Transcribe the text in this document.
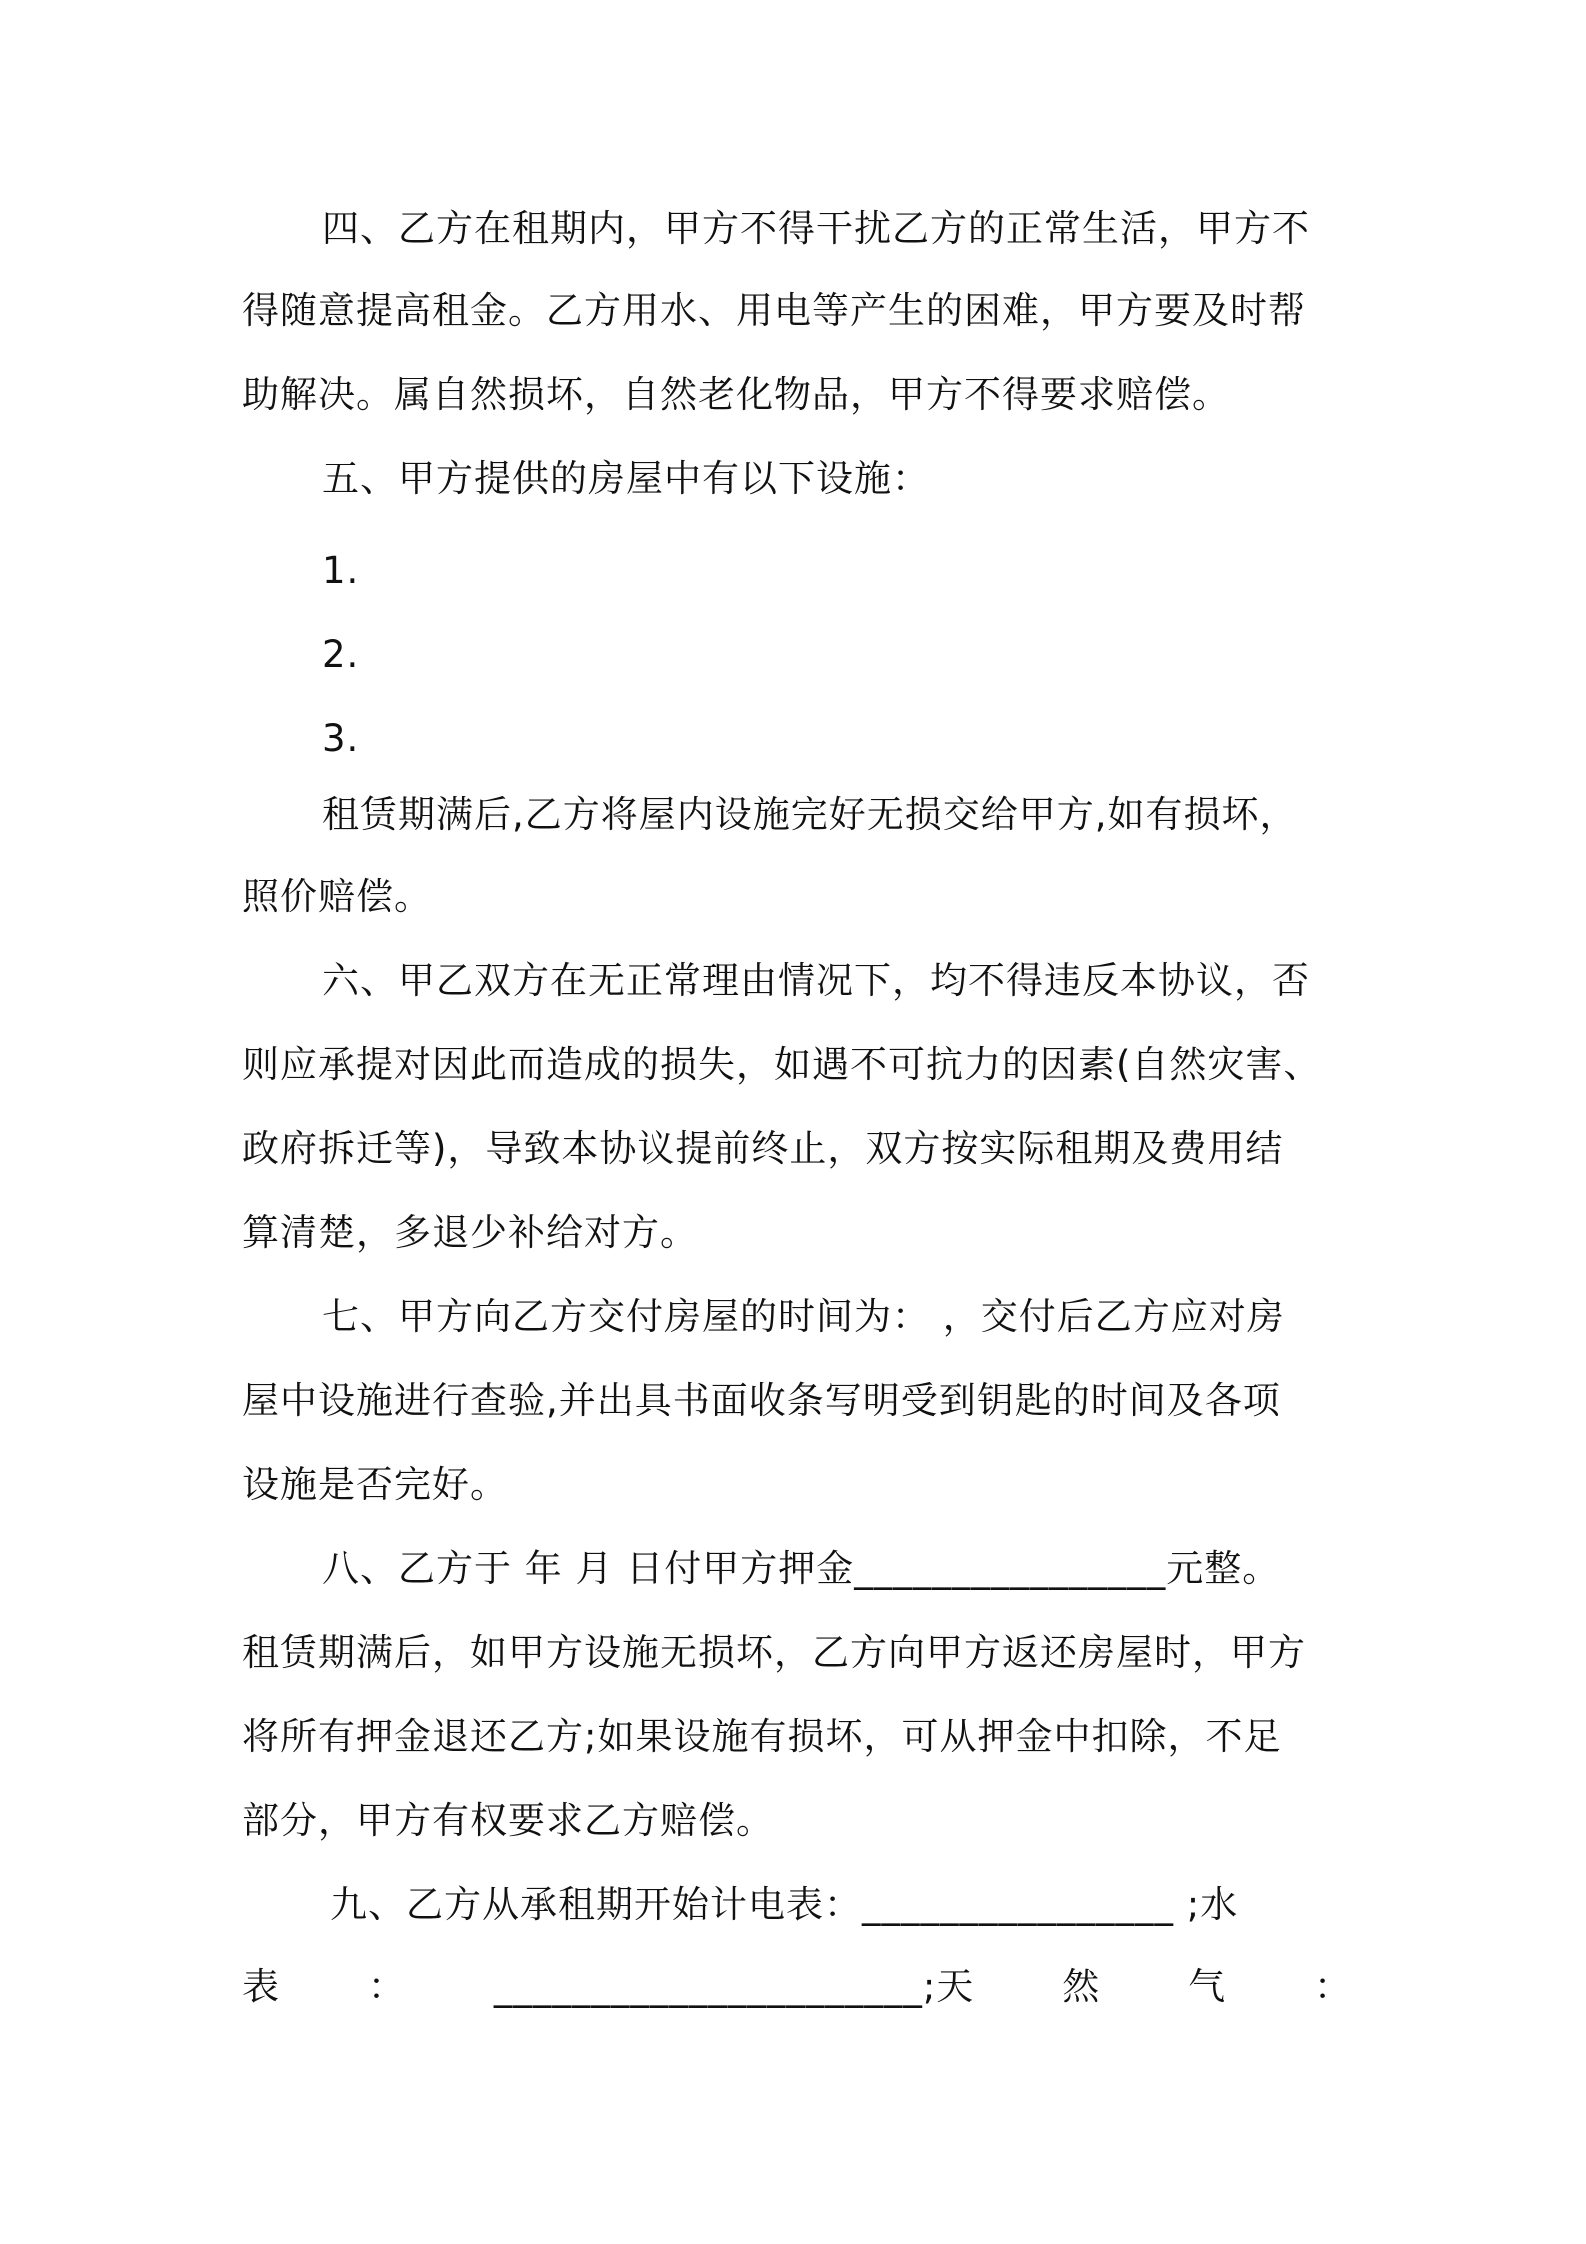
四、乙方在租期内，甲方不得干扰乙方的正常生活，甲方不
得随意提高租金。乙方用水、用电等产生的困难，甲方要及时帮
助解决。属自然损坏，自然老化物品，甲方不得要求赔偿。
五、甲方提供的房屋中有以下设施：
1.
2.
3.
租赁期满后,乙方将屋内设施完好无损交给甲方,如有损坏，
照价赔偿。
六、甲乙双方在无正常理由情况下，均不得违反本协议，否
则应承提对因此而造成的损失，如遇不可抗力的因素(自然灾害、
政府拆迁等)，导致本协议提前终止，双方按实际租期及费用结
算清楚，多退少补给对方。
七、甲方向乙方交付房屋的时间为： ，交付后乙方应对房
屋中设施进行查验,并出具书面收条写明受到钥匙的时间及各项
设施是否完好。
八、乙方于 年 月 日付甲方押金________________元整。
租赁期满后，如甲方设施无损坏，乙方向甲方返还房屋时，甲方
将所有押金退还乙方;如果设施有损坏，可从押金中扣除，不足
部分，甲方有权要求乙方赔偿。
九、乙方从承租期开始计电表：________________ ;水
表 ： ______________________;天 然 气 ：
